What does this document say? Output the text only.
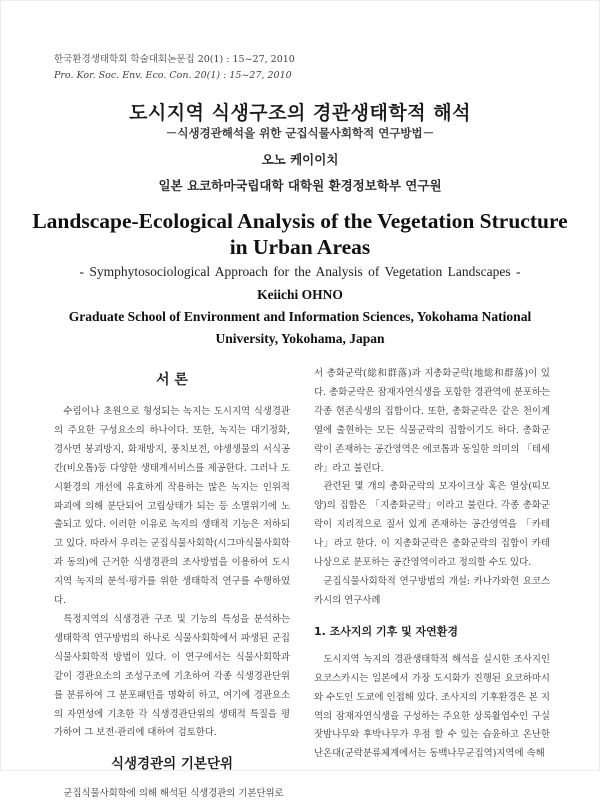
한국환경생태학회 학술대회논문집 20(1) : 15~27, 2010
Pro. Kor. Soc. Env. Eco. Con. 20(1) : 15~27, 2010
도시지역 식생구조의 경관생태학적 해석
－식생경관해석을 위한 군집식물사회학적 연구방법－
오노 케이이치
일본 요코하마국립대학 대학원 환경정보학부 연구원
Landscape-Ecological Analysis of the Vegetation Structure in Urban Areas
- Symphytosociological Approach for the Analysis of Vegetation Landscapes -
Keiichi OHNO
Graduate School of Environment and Information Sciences, Yokohama National University, Yokohama, Japan
서 론

수림이나 초원으로 형성되는 녹지는 도시지역 식생경관의 주요한 구성요소의 하나이다. 또한, 녹지는 대기정화, 경사면 붕괴방지, 화재방지, 풍치보전, 야생생물의 서식공간(비오톱)등 다양한 생태계서비스를 제공한다. 그러나 도시환경의 개선에 유효하게 작용하는 많은 녹지는 인위적 파괴에 의해 분단되어 고립상태가 되는 등 소멸위기에 노출되고 있다. 이러한 이유로 녹지의 생태적 기능은 저하되고 있다. 따라서 우리는 군집식물사회학(시그마식물사회학과 동의)에 근거한 식생경관의 조사방법을 이용하여 도시지역 녹지의 분석·평가를 위한 생태학적 연구를 수행하였다.

특정지역의 식생경관 구조 및 기능의 특성을 분석하는 생태학적 연구방법의 하나로 식물사회학에서 파생된 군집식물사회학적 방법이 있다. 이 연구에서는 식물사회학과 같이 경관요소의 조성구조에 기초하여 각종 식생경관단위를 분류하여 그 분포패턴을 명확히 하고, 여기에 경관요소의 자연성에 기초한 각 식생경관단위의 생태적 특질을 평가하여 그 보전·관리에 대하여 검토한다.

식생경관의 기본단위

군집식물사회학에 의해 해석된 식생경관의 기본단위로

서 총화군락(総和群落)과 지총화군락(地総和群落)이 있다. 총화군락은 잠재자연식생을 포함한 경관역에 분포하는 각종 현존식생의 집합이다. 또한, 총화군락은 같은 천이계열에 출현하는 모든 식물군락의 집합이기도 하다. 총화군락이 존재하는 공간영역은 에코톱과 동일한 의미의 「테세라」라고 불린다.

관련된 몇 개의 총화군락의 모자이크상 혹은 열상(띠모양)의 집합은 「지총화군락」이라고 불린다. 각종 총화군락이 지리적으로 질서 있게 존재하는 공간영역을 「카테나」라고 한다. 이 지총화군락은 총화군락의 집합이 카테나상으로 분포하는 공간영역이라고 정의할 수도 있다.

군집식물사회학적 연구방법의 개설: 카나가와현 요코스카시의 연구사례

1. 조사지의 기후 및 자연환경

도시지역 녹지의 경관생태학적 해석을 실시한 조사지인 요코스카시는 일본에서 가장 도시화가 진행된 요코하마시와 수도인 도쿄에 인접해 있다. 조사지의 기후환경은 본 지역의 잠재자연식생을 구성하는 주요한 상록활엽수인 구실잣밤나무와 후박나무가 우점 할 수 있는 습윤하고 온난한 난온대(군락분류체계에서는 동백나무군집역)지역에 속해
